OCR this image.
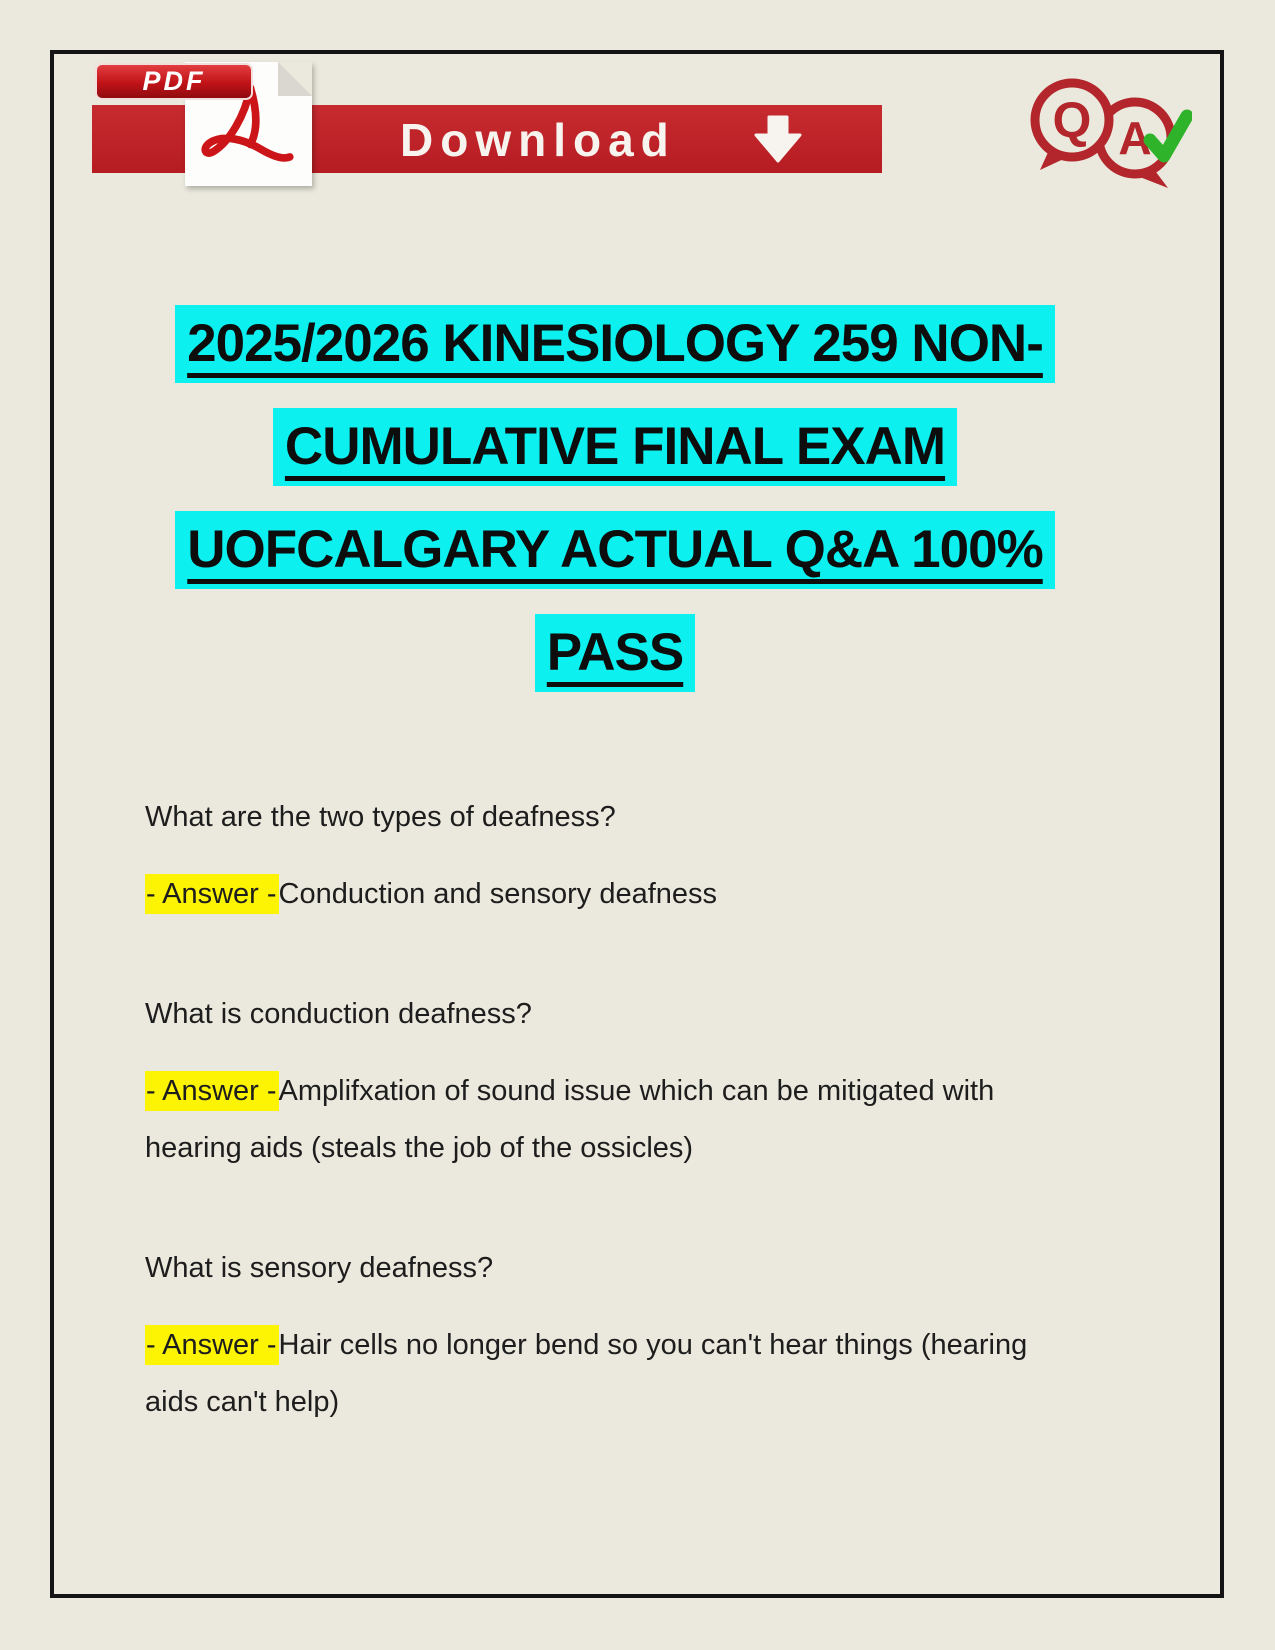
Download
PDF
Q A

2025/2026 KINESIOLOGY 259 NON-

CUMULATIVE FINAL EXAM

UOFCALGARY ACTUAL Q&A 100%

PASS

What are the two types of deafness?

- Answer -Conduction and sensory deafness

What is conduction deafness?

- Answer -Amplifxation of sound issue which can be mitigated with hearing aids (steals the job of the ossicles)

What is sensory deafness?

- Answer -Hair cells no longer bend so you can't hear things (hearing aids can't help)
